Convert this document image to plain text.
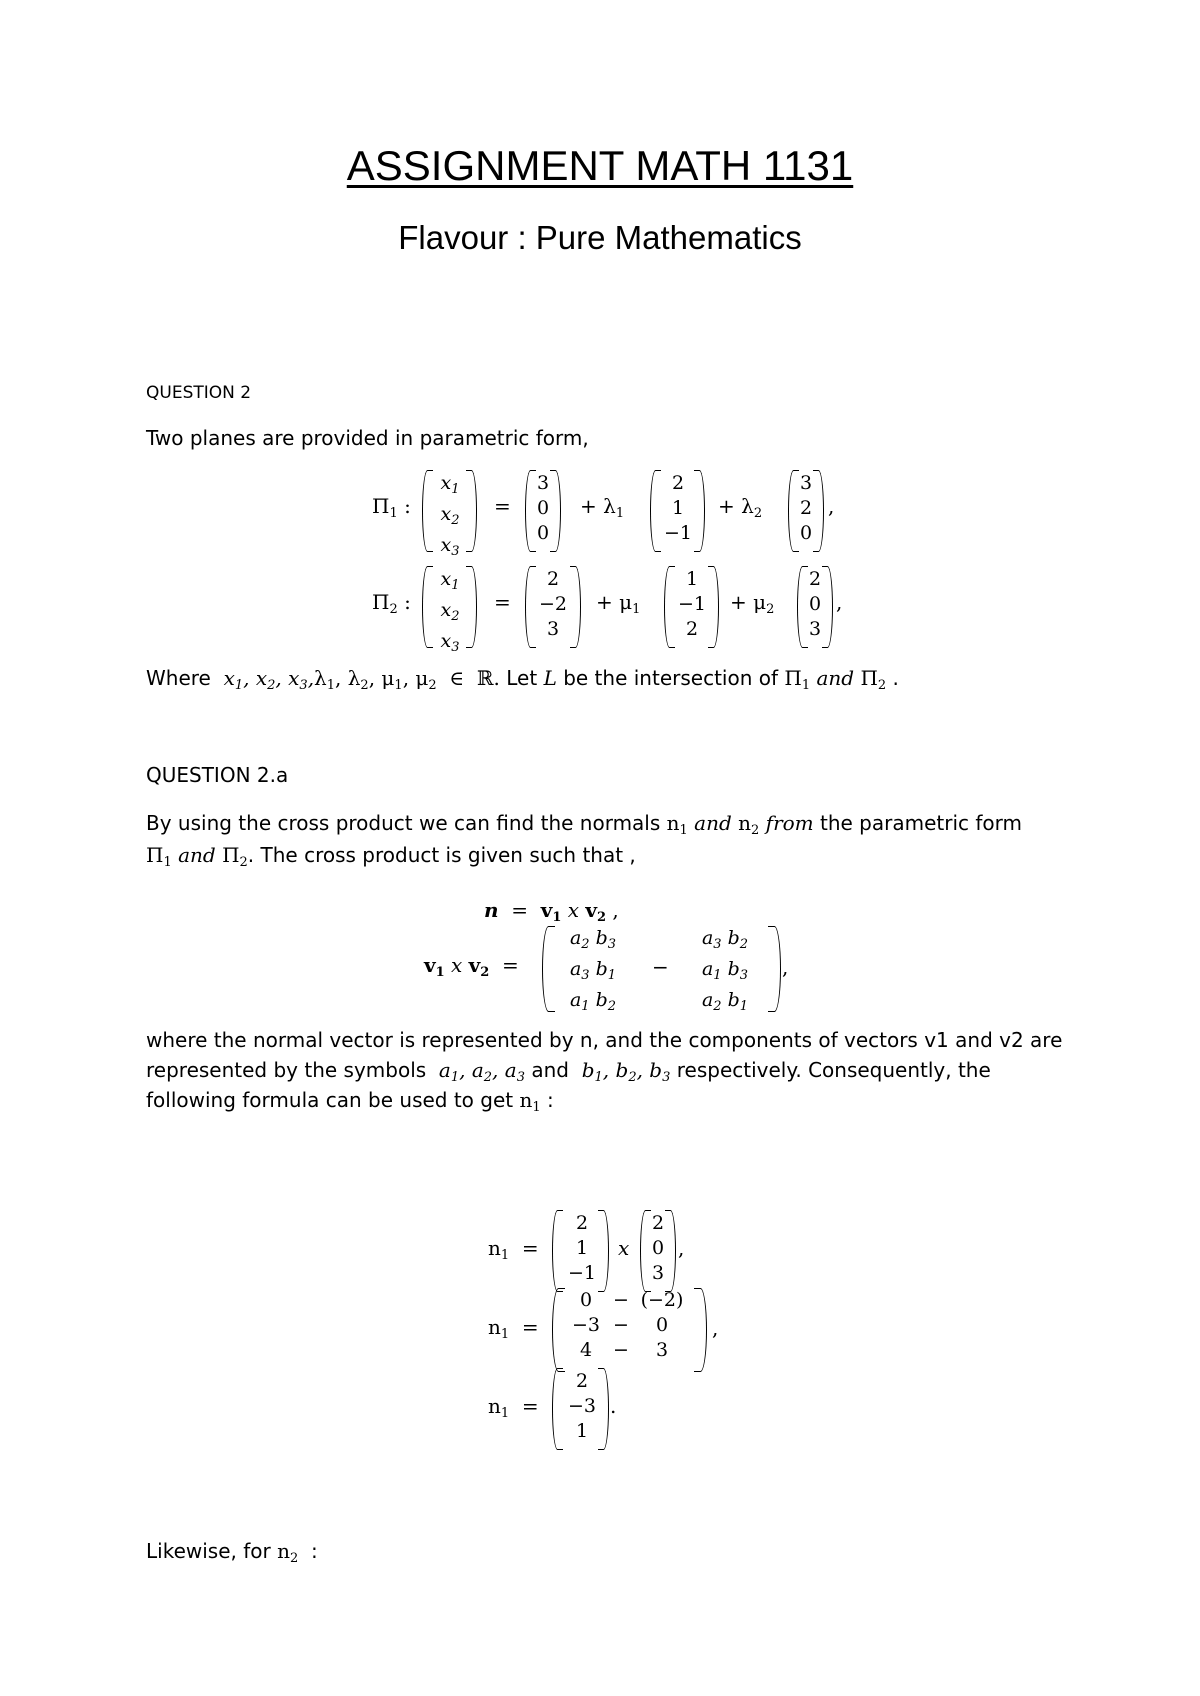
ASSIGNMENT MATH 1131
Flavour : Pure Mathematics
QUESTION 2
Two planes are provided in parametric form,
$\Pi_1$ :
$x_1$
$x_2$
$x_3$
=
3
0
0
+ $\lambda_1$
2
1
−1
+ $\lambda_2$
3
2
0
,
$\Pi_2$ :
$x_1$
$x_2$
$x_3$
=
2
−2
3
+ $\mu_1$
1
−1
2
+ $\mu_2$
2
0
3
,
Where $x_1$, $x_2$, $x_3,\lambda_1$, $\lambda_2$, $\mu_1$, $\mu_2$  ∈  ℝ. Let L be the intersection of $\Pi_1$ and $\Pi_2$ .
QUESTION 2.a
By using the cross product we can find the normals $n_1$ and $n_2$ from the parametric form
$\Pi_1$ and $\Pi_2$. The cross product is given such that ,
$n = v_1$ x $v_2$ ,
$v_1$ x $v_2$  =
$a_2$ $b_3$
$a_3$ $b_1$
$a_1$ $b_2$
−
$a_3$ $b_2$
$a_1$ $b_3$
$a_2$ $b_1$
,
where the normal vector is represented by n, and the components of vectors v1 and v2 are
represented by the symbols $a_1$, $a_2$, $a_3$ and $b_1$, $b_2$, $b_3$ respectively. Consequently, the
following formula can be used to get $n_1$ :
$n_1$  =
2
1
−1
x
2
0
3
,
$n_1$  =
0
−3
4
−
−
−
(−2)
0
3
,
$n_1$  =
2
−3
1
.
Likewise, for $n_2$  :
